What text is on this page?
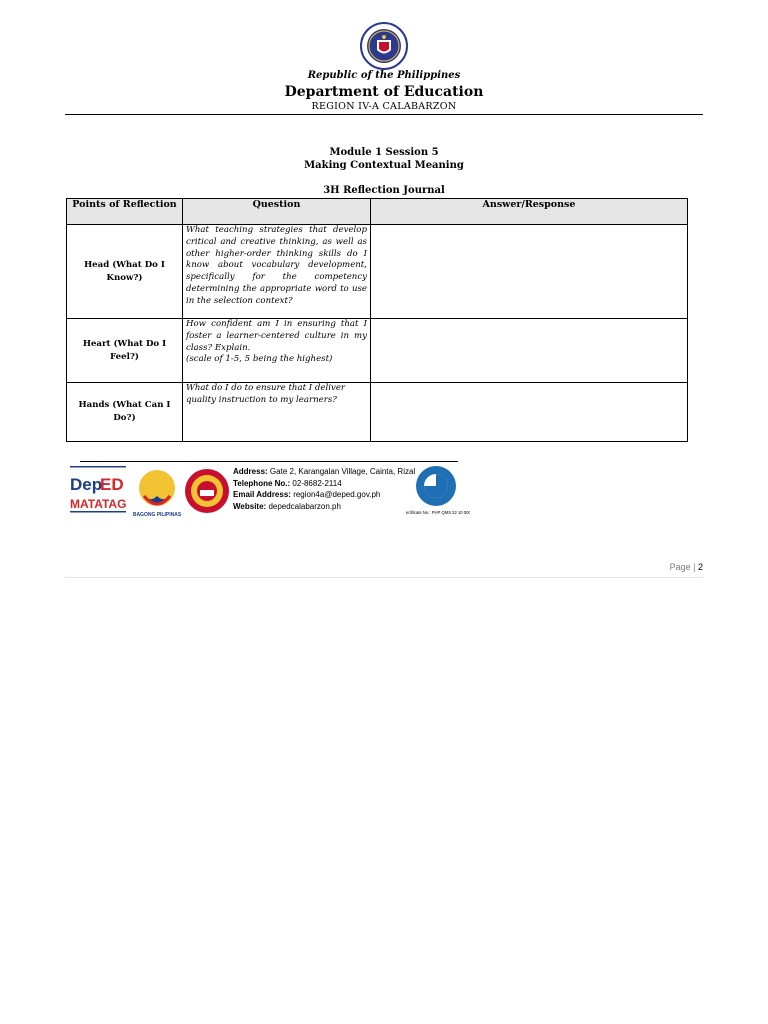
Republic of the Philippines
Department of Education
REGION IV-A CALABARZON
Module 1 Session 5
Making Contextual Meaning
3H Reflection Journal
Points of Reflection	Question	Answer/Response
Head (What Do I Know?)	What teaching strategies that develop critical and creative thinking, as well as other higher-order thinking skills do I know about vocabulary development, specifically for the competency determining the appropriate word to use in the selection context?	
Heart (What Do I Feel?)	How confident am I in ensuring that I foster a learner-centered culture in my class? Explain.
(scale of 1-5, 5 being the highest)	

Hands (What Can I Do?)	What do I do to ensure that I deliver quality instruction to my learners?	
Dep
ED
MATATAG
BAGONG PILIPINAS
Address: Gate 2, Karangalan Village, Cainta, Rizal
Telephone No.: 02-8682-2114
Email Address: region4a@deped.gov.ph
Website: depedcalabarzon.ph
Certificate No.: PHP QMS 22 10 0000
Page | 2
